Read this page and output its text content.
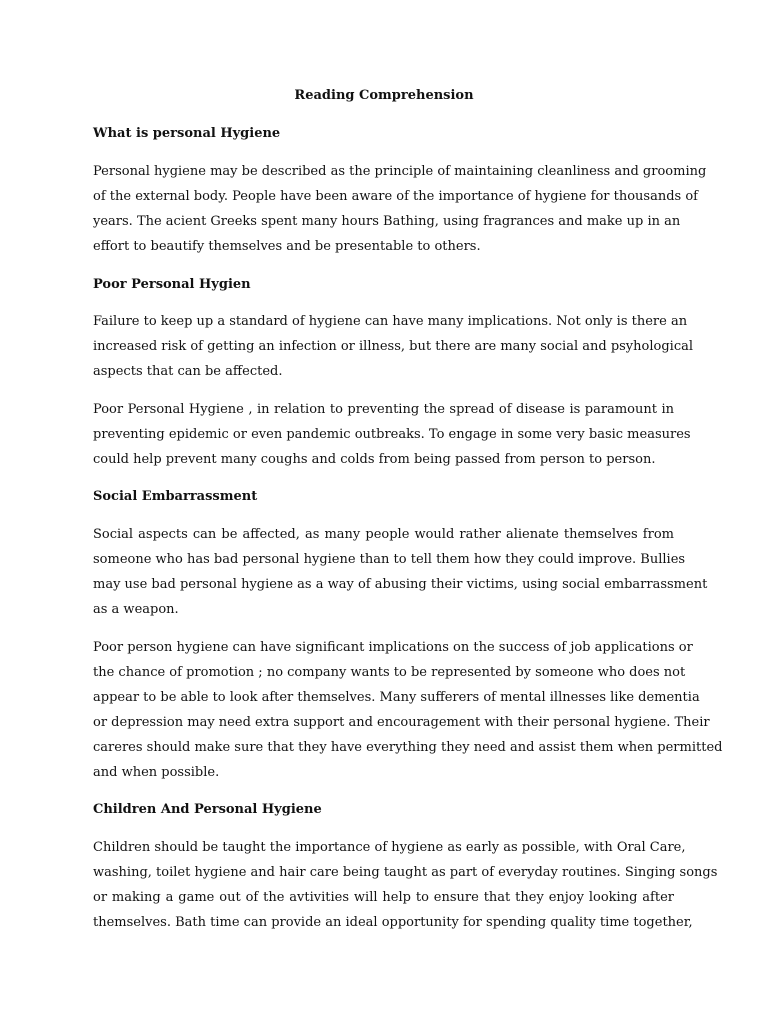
Reading Comprehension
What is personal Hygiene
Personal hygiene may be described as the principle of maintaining cleanliness and grooming
of the external body. People have been aware of the importance of hygiene for thousands of
years. The acient Greeks spent many hours Bathing, using fragrances and make up in an
effort to beautify themselves and be presentable to others.
Poor Personal Hygien
Failure to keep up a standard of hygiene can have many implications. Not only is there an
increased risk of getting an infection or illness, but there are many social and psyhological
aspects that can be affected.
Poor Personal Hygiene , in relation to preventing the spread of disease is paramount in
preventing epidemic or even pandemic outbreaks. To engage in some very basic measures
could help prevent many coughs and colds from being passed from person to person.
Social Embarrassment
Social aspects can be affected, as many people would rather alienate themselves from
someone who has bad personal hygiene than to tell them how they could improve. Bullies
may use bad personal hygiene as a way of abusing their victims, using social embarrassment
as a weapon.
Poor person hygiene can have significant implications on the success of job applications or
the chance of promotion ; no company wants to be represented by someone who does not
appear to be able to look after themselves. Many sufferers of mental illnesses like dementia
or depression may need extra support and encouragement with their personal hygiene. Their
careres should make sure that they have everything they need and assist them when permitted
and when possible.
Children And Personal Hygiene
Children should be taught the importance of hygiene as early as possible, with Oral Care,
washing, toilet hygiene and hair care being taught as part of everyday routines. Singing songs
or making a game out of the avtivities will help to ensure that they enjoy looking after
themselves. Bath time can provide an ideal opportunity for spending quality time together,
